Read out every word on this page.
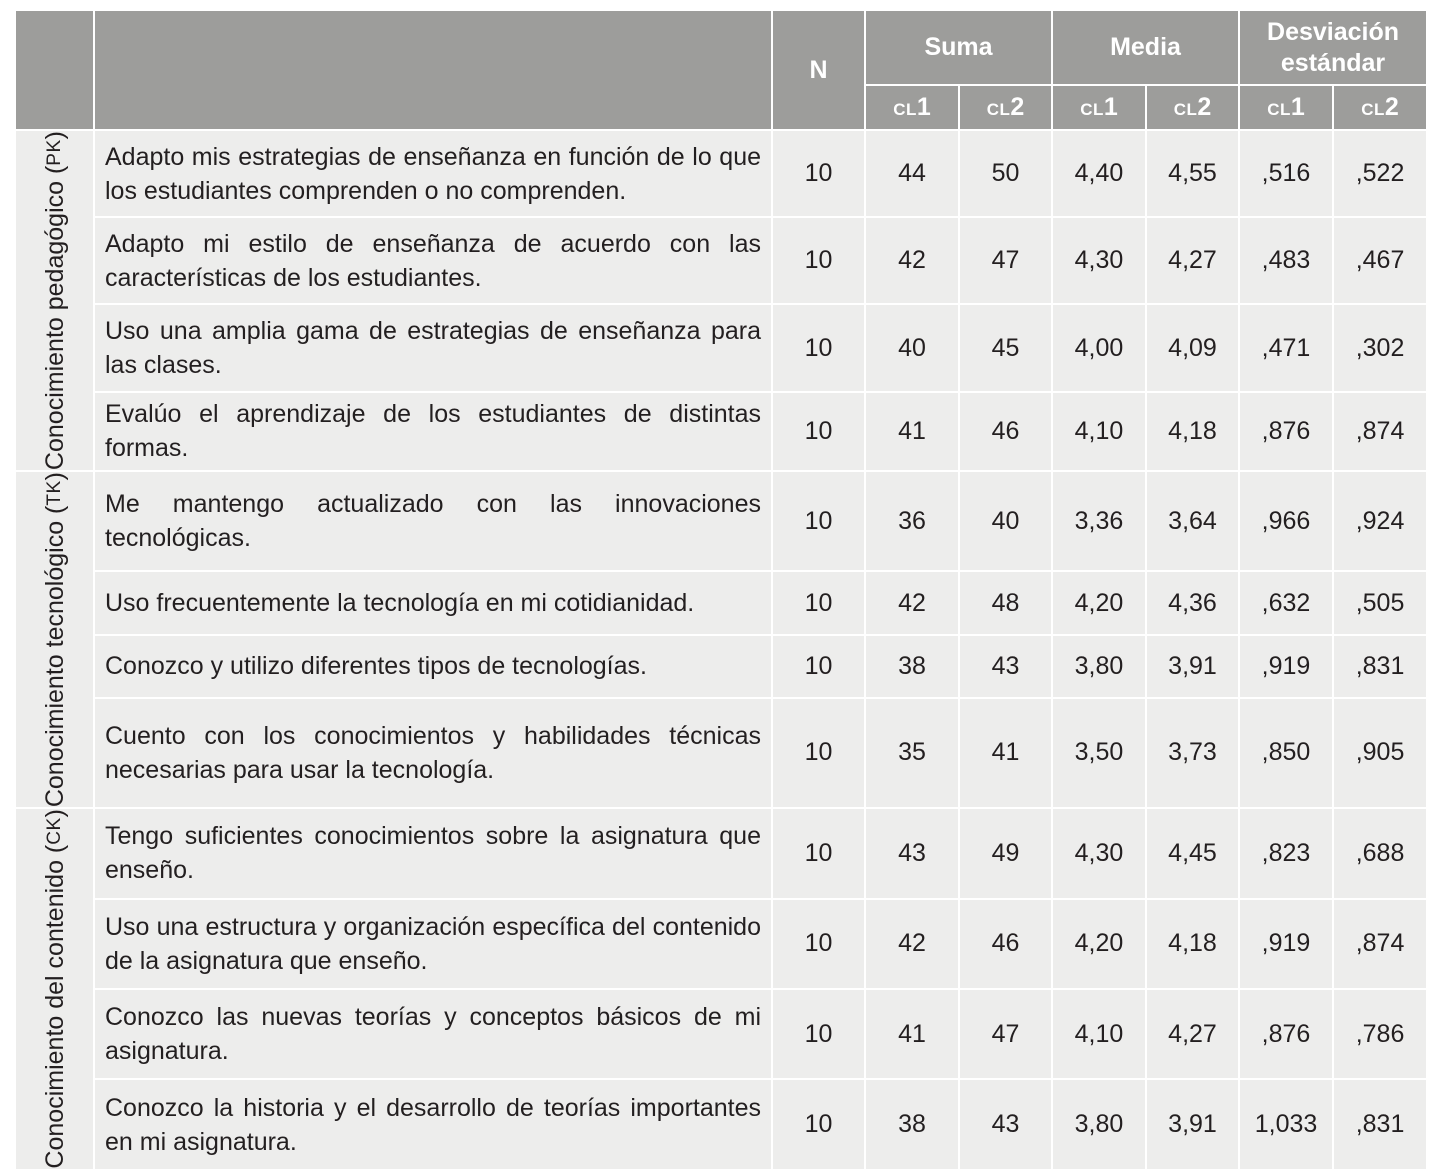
		N	Suma		Media		Desviación estándar	
			CL1	CL2	CL1	CL2	CL1	CL2

Conocimiento pedagógico (PK)	Adapto mis estrategias de enseñanza en función de lo que los estudiantes comprenden o no comprenden.	10	44	50	4,40	4,55	,516	,522
	Adapto mi estilo de enseñanza de acuerdo con las características de los estudiantes.	10	42	47	4,30	4,27	,483	,467
	Uso una amplia gama de estrategias de enseñanza para las clases.	10	40	45	4,00	4,09	,471	,302
	Evalúo el aprendizaje de los estudiantes de distintas formas.	10	41	46	4,10	4,18	,876	,874

Conocimiento tecnológico (TK)	Me mantengo actualizado con las innovaciones tecnológicas.	10	36	40	3,36	3,64	,966	,924
	Uso frecuentemente la tecnología en mi cotidianidad.	10	42	48	4,20	4,36	,632	,505
	Conozco y utilizo diferentes tipos de tecnologías.	10	38	43	3,80	3,91	,919	,831
	Cuento con los conocimientos y habilidades técnicas necesarias para usar la tecnología.	10	35	41	3,50	3,73	,850	,905

Conocimiento del contenido (CK)	Tengo suficientes conocimientos sobre la asignatura que enseño.	10	43	49	4,30	4,45	,823	,688
	Uso una estructura y organización específica del contenido de la asignatura que enseño.	10	42	46	4,20	4,18	,919	,874
	Conozco las nuevas teorías y conceptos básicos de mi asignatura.	10	41	47	4,10	4,27	,876	,786
	Conozco la historia y el desarrollo de teorías importantes en mi asignatura.	10	38	43	3,80	3,91	1,033	,831
